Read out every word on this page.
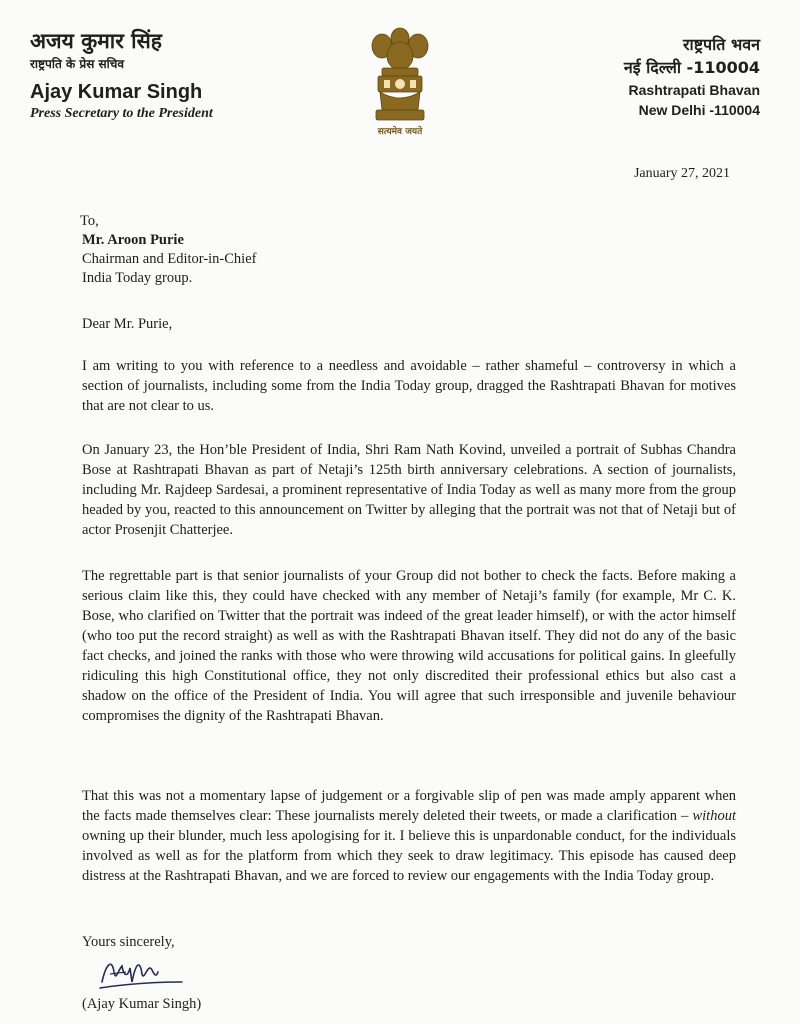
अजय कुमार सिंह

राष्ट्रपति के प्रेस सचिव

Ajay Kumar Singh

Press Secretary to the President

सत्यमेव जयते

राष्ट्रपति भवन

नई दिल्ली -110004

Rashtrapati Bhavan

New Delhi -110004

January 27, 2021

To,

Mr. Aroon Purie

Chairman and Editor-in-Chief

India Today group.

Dear Mr. Purie,

I am writing to you with reference to a needless and avoidable – rather shameful – controversy in which a section of journalists, including some from the India Today group, dragged the Rashtrapati Bhavan for motives that are not clear to us.

On January 23, the Hon’ble President of India, Shri Ram Nath Kovind, unveiled a portrait of Subhas Chandra Bose at Rashtrapati Bhavan as part of Netaji’s 125th birth anniversary celebrations. A section of journalists, including Mr. Rajdeep Sardesai, a prominent representative of India Today as well as many more from the group headed by you, reacted to this announcement on Twitter by alleging that the portrait was not that of Netaji but of actor Prosenjit Chatterjee.

The regrettable part is that senior journalists of your Group did not bother to check the facts. Before making a serious claim like this, they could have checked with any member of Netaji’s family (for example, Mr C. K. Bose, who clarified on Twitter that the portrait was indeed of the great leader himself), or with the actor himself (who too put the record straight) as well as with the Rashtrapati Bhavan itself. They did not do any of the basic fact checks, and joined the ranks with those who were throwing wild accusations for political gains. In gleefully ridiculing this high Constitutional office, they not only discredited their professional ethics but also cast a shadow on the office of the President of India. You will agree that such irresponsible and juvenile behaviour compromises the dignity of the Rashtrapati Bhavan.

That this was not a momentary lapse of judgement or a forgivable slip of pen was made amply apparent when the facts made themselves clear: These journalists merely deleted their tweets, or made a clarification – without owning up their blunder, much less apologising for it. I believe this is unpardonable conduct, for the individuals involved as well as for the platform from which they seek to draw legitimacy. This episode has caused deep distress at the Rashtrapati Bhavan, and we are forced to review our engagements with the India Today group.

Yours sincerely,

(Ajay Kumar Singh)
